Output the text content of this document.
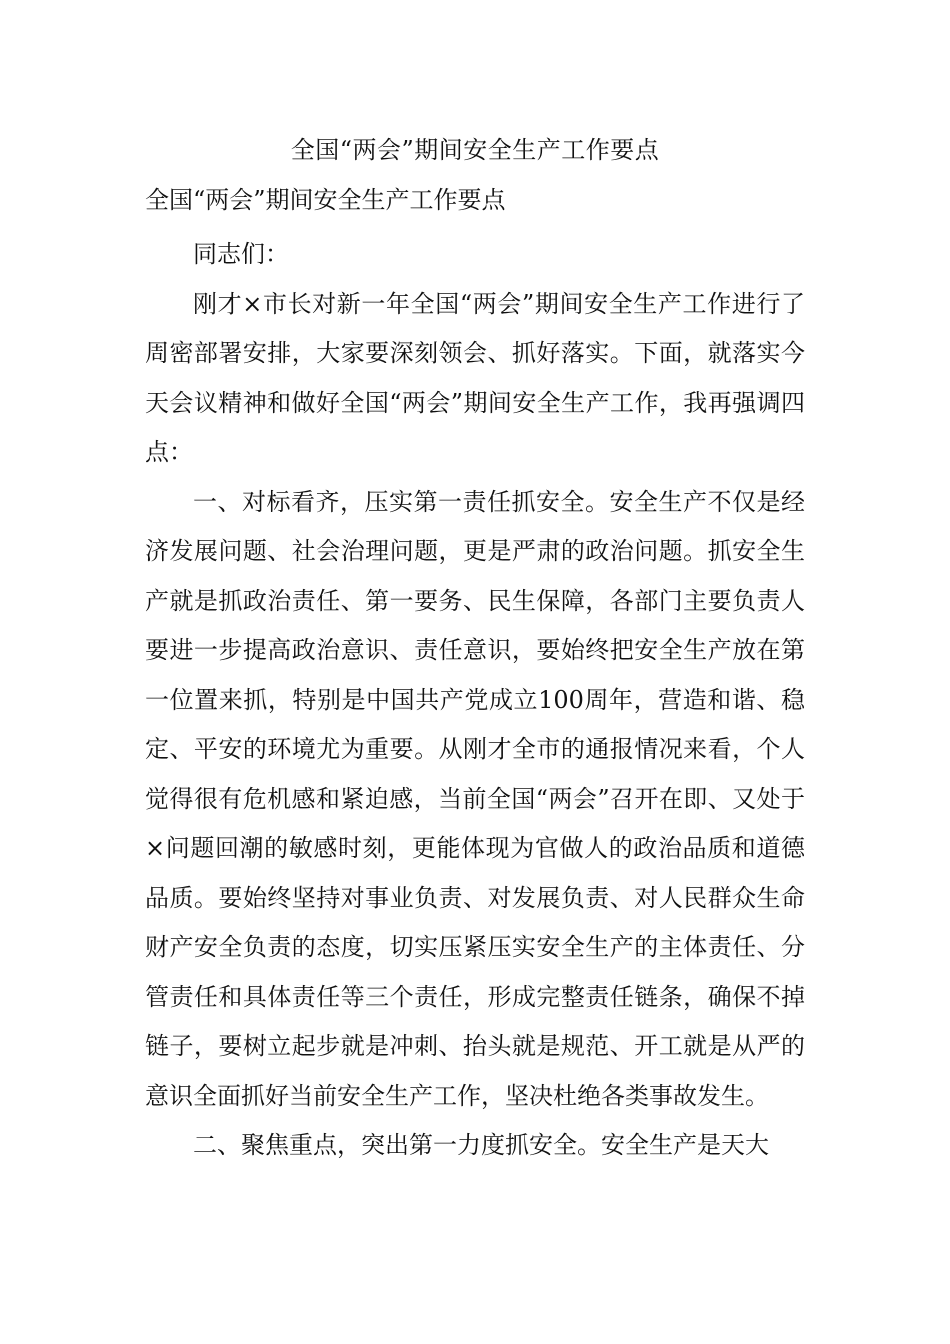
全国“两会”期间安全生产工作要点
全国“两会”期间安全生产工作要点

同志们：

刚才×市长对新一年全国“两会”期间安全生产工作进行了周密部署安排，大家要深刻领会、抓好落实。下面，就落实今天会议精神和做好全国“两会”期间安全生产工作，我再强调四点：

一、对标看齐，压实第一责任抓安全。安全生产不仅是经济发展问题、社会治理问题，更是严肃的政治问题。抓安全生产就是抓政治责任、第一要务、民生保障，各部门主要负责人要进一步提高政治意识、责任意识，要始终把安全生产放在第一位置来抓，特别是中国共产党成立100周年，营造和谐、稳定、平安的环境尤为重要。从刚才全市的通报情况来看，个人觉得很有危机感和紧迫感，当前全国“两会”召开在即、又处于×问题回潮的敏感时刻，更能体现为官做人的政治品质和道德品质。要始终坚持对事业负责、对发展负责、对人民群众生命财产安全负责的态度，切实压紧压实安全生产的主体责任、分管责任和具体责任等三个责任，形成完整责任链条，确保不掉链子，要树立起步就是冲刺、抬头就是规范、开工就是从严的意识全面抓好当前安全生产工作，坚决杜绝各类事故发生。

二、聚焦重点，突出第一力度抓安全。安全生产是天大
